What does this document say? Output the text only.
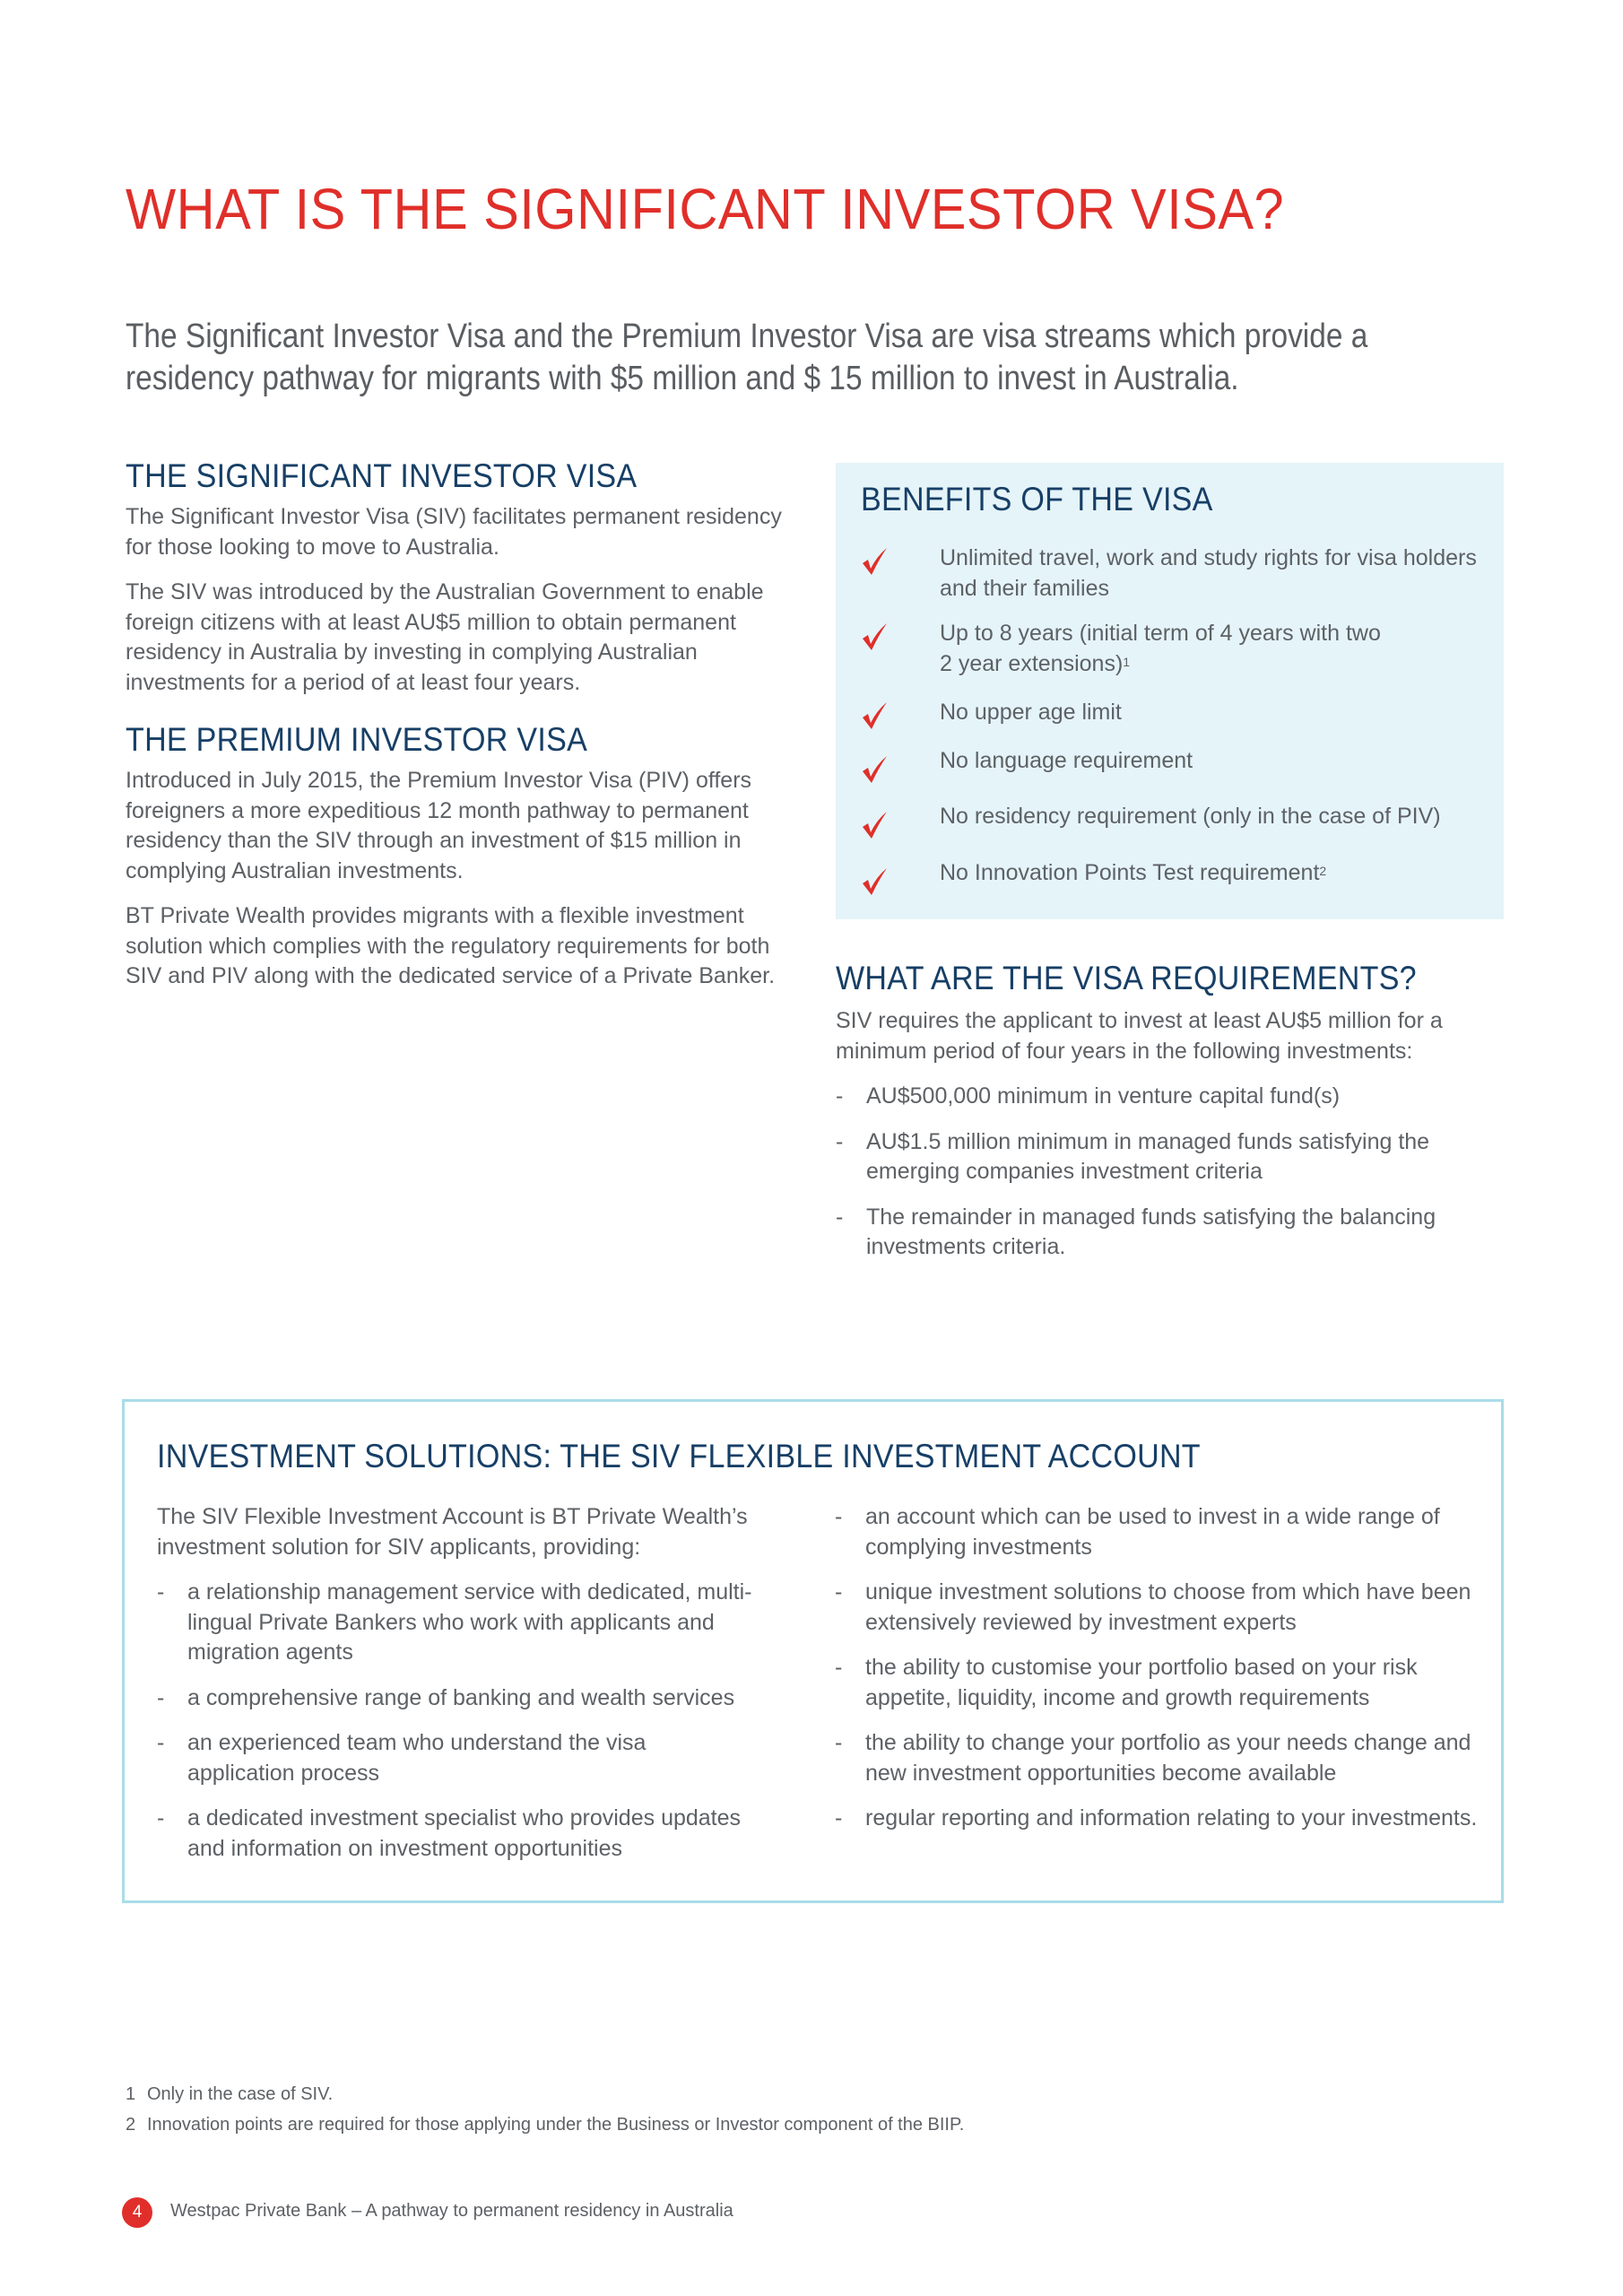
WHAT IS THE SIGNIFICANT INVESTOR VISA?

The Significant Investor Visa and the Premium Investor Visa are visa streams which provide a
residency pathway for migrants with $5 million and $ 15 million to invest in Australia.

THE SIGNIFICANT INVESTOR VISA

The Significant Investor Visa (SIV) facilitates permanent residency
for those looking to move to Australia.

The SIV was introduced by the Australian Government to enable
foreign citizens with at least AU$5 million to obtain permanent
residency in Australia by investing in complying Australian
investments for a period of at least four years.

THE PREMIUM INVESTOR VISA

Introduced in July 2015, the Premium Investor Visa (PIV) offers
foreigners a more expeditious 12 month pathway to permanent
residency than the SIV through an investment of $15 million in
complying Australian investments.

BT Private Wealth provides migrants with a flexible investment
solution which complies with the regulatory requirements for both
SIV and PIV along with the dedicated service of a Private Banker.

BENEFITS OF THE VISA
Unlimited travel, work and study rights for visa holders
and their families
Up to 8 years (initial term of 4 years with two
2 year extensions)$^1$
No upper age limit
No language requirement
No residency requirement (only in the case of PIV)
No Innovation Points Test requirement$^2$
WHAT ARE THE VISA REQUIREMENTS?

SIV requires the applicant to invest at least AU$5 million for a
minimum period of four years in the following investments:

- AU$500,000 minimum in venture capital fund(s)
- AU$1.5 million minimum in managed funds satisfying the
emerging companies investment criteria
- The remainder in managed funds satisfying the balancing
investments criteria.
INVESTMENT SOLUTIONS: THE SIV FLEXIBLE INVESTMENT ACCOUNT

The SIV Flexible Investment Account is BT Private Wealth’s
investment solution for SIV applicants, providing:

- a relationship management service with dedicated, multi-
lingual Private Bankers who work with applicants and
migration agents
- a comprehensive range of banking and wealth services
- an experienced team who understand the visa
application process
- a dedicated investment specialist who provides updates
and information on investment opportunities
- an account which can be used to invest in a wide range of
complying investments
- unique investment solutions to choose from which have been
extensively reviewed by investment experts
- the ability to customise your portfolio based on your risk
appetite, liquidity, income and growth requirements
- the ability to change your portfolio as your needs change and
new investment opportunities become available
- regular reporting and information relating to your investments.
1 Only in the case of SIV.
2 Innovation points are required for those applying under the Business or Investor component of the BIIP.
4	Westpac Private Bank – A pathway to permanent residency in Australia
